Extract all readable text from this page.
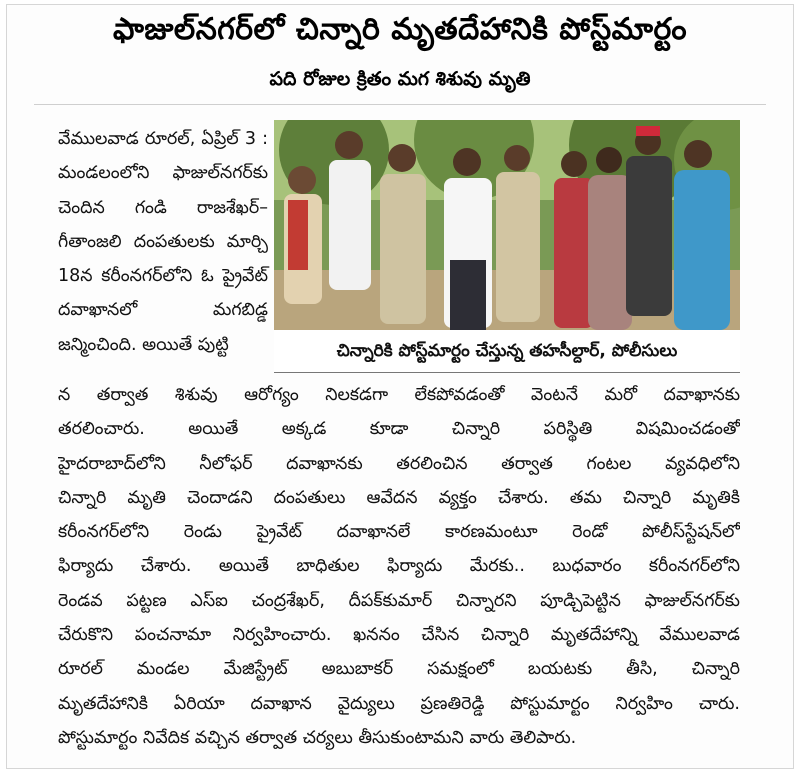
ఫాజుల్‌నగర్‌లో చిన్నారి మృతదేహానికి పోస్ట్‌మార్టం
పది రోజుల క్రితం మగ శిశువు మృతి

వేములవాడ రూరల్, ఏప్రిల్ 3 : మండలంలోని ఫాజుల్‌నగర్‌కు చెందిన గండి రాజశేఖర్–గీతాంజలి దంపతులకు మార్చి 18న కరీంనగర్‌లోని ఓ ప్రైవేట్ దవాఖానలో మగబిడ్డ జన్మించింది. అయితే పుట్టి	చిన్నారికి పోస్ట్‌మార్టం చేస్తున్న తహసీల్దార్, పోలీసులు
న తర్వాత శిశువు ఆరోగ్యం నిలకడగా లేకపోవడంతో వెంటనే మరో దవాఖానకు
తరలించారు. అయితే అక్కడ కూడా చిన్నారి పరిస్థితి విషమించడంతో
హైదరాబాద్‌లోని నీలోఫర్ దవాఖానకు తరలించిన తర్వాత గంటల వ్యవధిలోని
చిన్నారి మృతి చెందాడని దంపతులు ఆవేదన వ్యక్తం చేశారు. తమ చిన్నారి మృతికి
కరీంనగర్‌లోని రెండు ప్రైవేట్ దవాఖానలే కారణమంటూ రెండో పోలీస్‌స్టేషన్‌లో
ఫిర్యాదు చేశారు. అయితే బాధితుల ఫిర్యాదు మేరకు.. బుధవారం కరీంనగర్‌లోని
రెండవ పట్టణ ఎస్‌ఐ చంద్రశేఖర్, దీపక్‌కుమార్ చిన్నారని పూడ్చిపెట్టిన ఫాజుల్‌నగర్‌కు
చేరుకొని పంచనామా నిర్వహించారు. ఖననం చేసిన చిన్నారి మృతదేహాన్ని వేములవాడ
రూరల్ మండల మేజిస్ట్రేట్ అబుబాకర్ సమక్షంలో బయటకు తీసి, చిన్నారి
మృతదేహానికి ఏరియా దవాఖాన వైద్యులు ప్రణతిరెడ్డి పోస్టుమార్టం నిర్వహిం చారు.
పోస్టుమార్టం నివేదిక వచ్చిన తర్వాత చర్యలు తీసుకుంటామని వారు తెలిపారు.
